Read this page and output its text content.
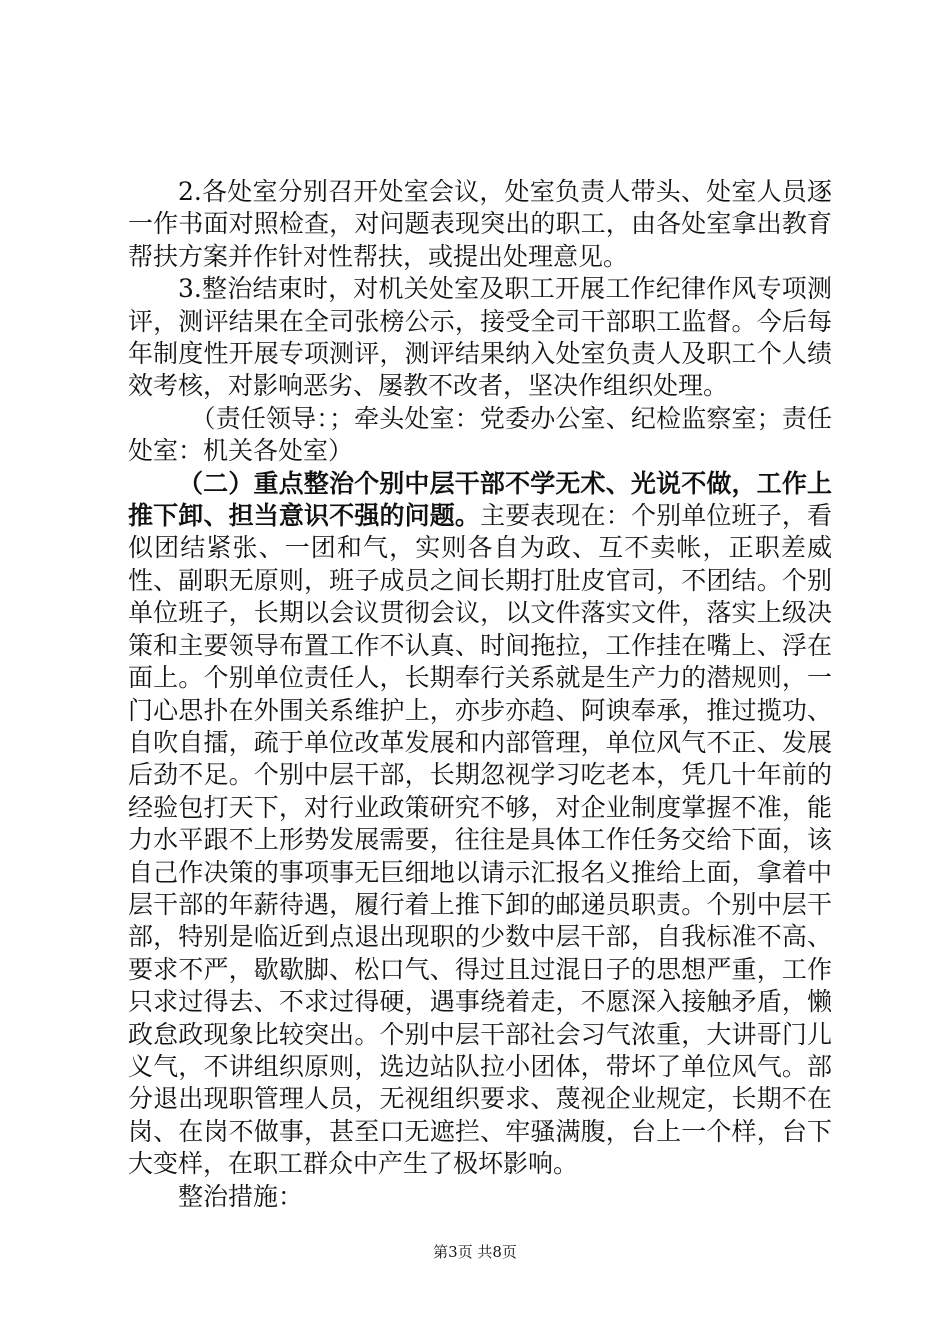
2.各处室分别召开处室会议，处室负责人带头、处室人员逐一作书面对照检查，对问题表现突出的职工，由各处室拿出教育帮扶方案并作针对性帮扶，或提出处理意见。

3.整治结束时，对机关处室及职工开展工作纪律作风专项测评，测评结果在全司张榜公示，接受全司干部职工监督。今后每年制度性开展专项测评，测评结果纳入处室负责人及职工个人绩效考核，对影响恶劣、屡教不改者，坚决作组织处理。

（责任领导：；牵头处室：党委办公室、纪检监察室；责任处室：机关各处室）

（二）重点整治个别中层干部不学无术、光说不做，工作上推下卸、担当意识不强的问题。主要表现在：个别单位班子，看似团结紧张、一团和气，实则各自为政、互不卖帐，正职差威性、副职无原则，班子成员之间长期打肚皮官司，不团结。个别单位班子，长期以会议贯彻会议，以文件落实文件，落实上级决策和主要领导布置工作不认真、时间拖拉，工作挂在嘴上、浮在面上。个别单位责任人，长期奉行关系就是生产力的潜规则，一门心思扑在外围关系维护上，亦步亦趋、阿谀奉承，推过揽功、自吹自擂，疏于单位改革发展和内部管理，单位风气不正、发展后劲不足。个别中层干部，长期忽视学习吃老本，凭几十年前的经验包打天下，对行业政策研究不够，对企业制度掌握不准，能力水平跟不上形势发展需要，往往是具体工作任务交给下面，该自己作决策的事项事无巨细地以请示汇报名义推给上面，拿着中层干部的年薪待遇，履行着上推下卸的邮递员职责。个别中层干部，特别是临近到点退出现职的少数中层干部，自我标准不高、要求不严，歇歇脚、松口气、得过且过混日子的思想严重，工作只求过得去、不求过得硬，遇事绕着走，不愿深入接触矛盾，懒政怠政现象比较突出。个别中层干部社会习气浓重，大讲哥门儿义气，不讲组织原则，选边站队拉小团体，带坏了单位风气。部分退出现职管理人员，无视组织要求、蔑视企业规定，长期不在岗、在岗不做事，甚至口无遮拦、牢骚满腹，台上一个样，台下大变样，在职工群众中产生了极坏影响。

整治措施：

第3页 共8页
